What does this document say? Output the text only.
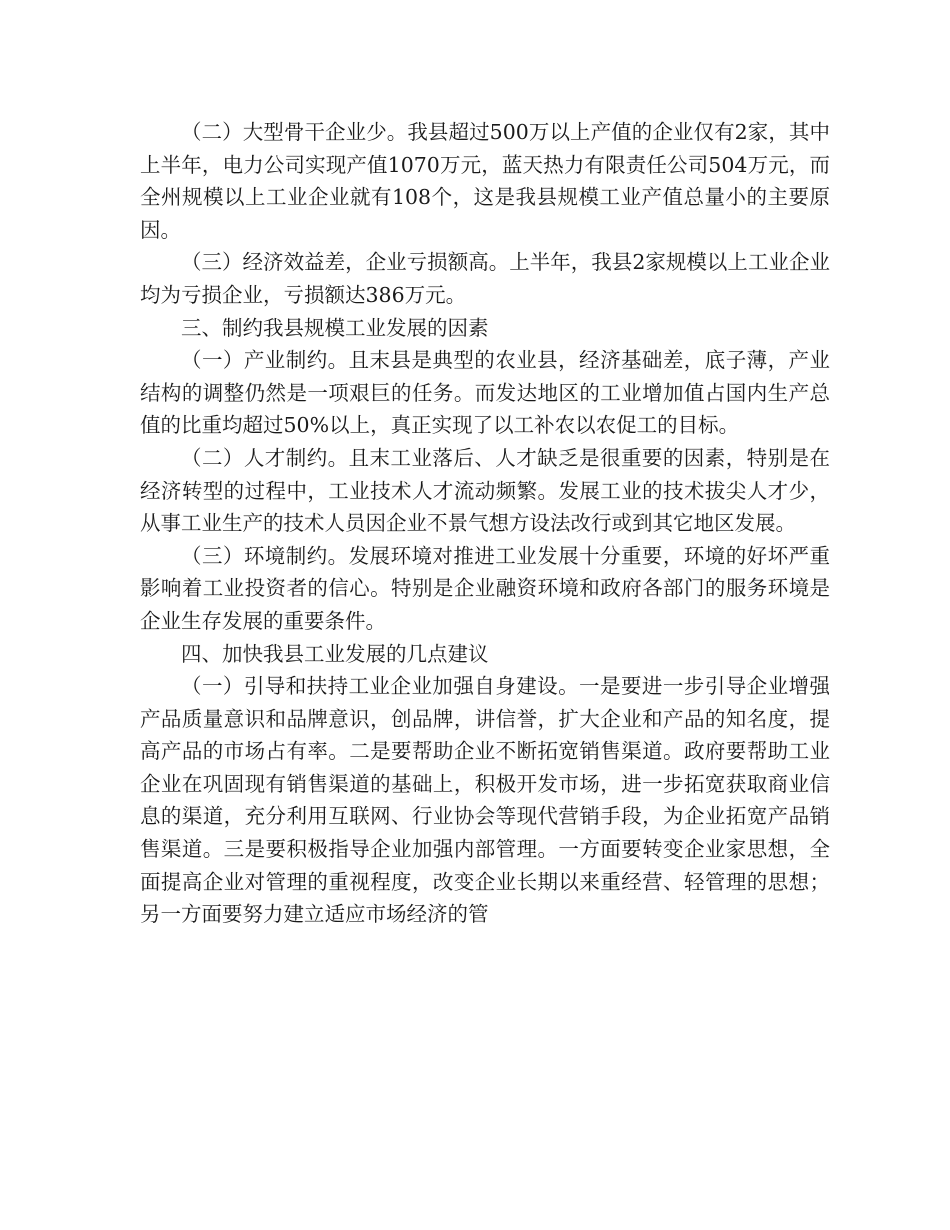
（二）大型骨干企业少。我县超过500万以上产值的企业仅有2家，其中上半年，电力公司实现产值1070万元，蓝天热力有限责任公司504万元，而全州规模以上工业企业就有108个，这是我县规模工业产值总量小的主要原因。

（三）经济效益差，企业亏损额高。上半年，我县2家规模以上工业企业均为亏损企业，亏损额达386万元。

三、制约我县规模工业发展的因素

（一）产业制约。且末县是典型的农业县，经济基础差，底子薄，产业结构的调整仍然是一项艰巨的任务。而发达地区的工业增加值占国内生产总值的比重均超过50%以上，真正实现了以工补农以农促工的目标。

（二）人才制约。且末工业落后、人才缺乏是很重要的因素，特别是在经济转型的过程中，工业技术人才流动频繁。发展工业的技术拔尖人才少，从事工业生产的技术人员因企业不景气想方设法改行或到其它地区发展。

（三）环境制约。发展环境对推进工业发展十分重要，环境的好坏严重影响着工业投资者的信心。特别是企业融资环境和政府各部门的服务环境是企业生存发展的重要条件。

四、加快我县工业发展的几点建议

（一）引导和扶持工业企业加强自身建设。一是要进一步引导企业增强产品质量意识和品牌意识，创品牌，讲信誉，扩大企业和产品的知名度，提高产品的市场占有率。二是要帮助企业不断拓宽销售渠道。政府要帮助工业企业在巩固现有销售渠道的基础上，积极开发市场，进一步拓宽获取商业信息的渠道，充分利用互联网、行业协会等现代营销手段，为企业拓宽产品销售渠道。三是要积极指导企业加强内部管理。一方面要转变企业家思想，全面提高企业对管理的重视程度，改变企业长期以来重经营、轻管理的思想；另一方面要努力建立适应市场经济的管
